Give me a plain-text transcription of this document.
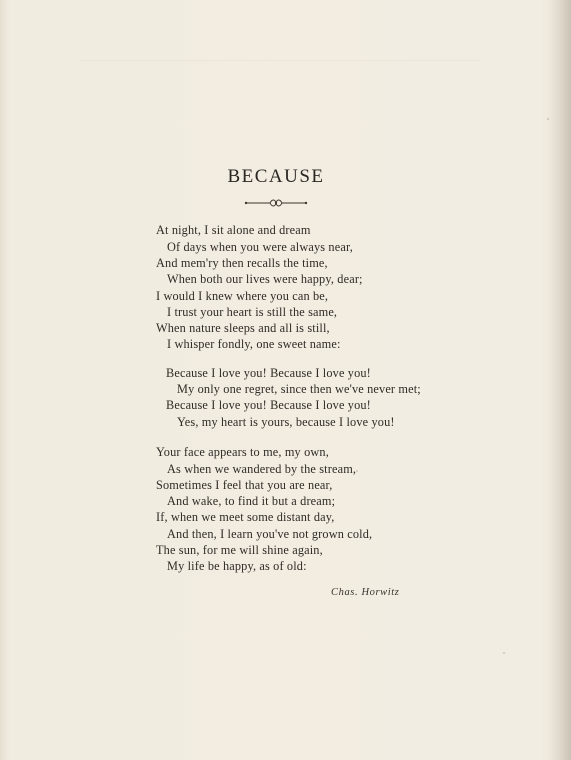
BECAUSE
At night, I sit alone and dream
Of days when you were always near,
And mem'ry then recalls the time,
When both our lives were happy, dear;
I would I knew where you can be,
I trust your heart is still the same,
When nature sleeps and all is still,
I whisper fondly, one sweet name:
Because I love you! Because I love you!
My only one regret, since then we've never met;
Because I love you! Because I love you!
Yes, my heart is yours, because I love you!
Your face appears to me, my own,
As when we wandered by the stream,
Sometimes I feel that you are near,
And wake, to find it but a dream;
If, when we meet some distant day,
And then, I learn you've not grown cold,
The sun, for me will shine again,
My life be happy, as of old:
Chas. Horwitz
